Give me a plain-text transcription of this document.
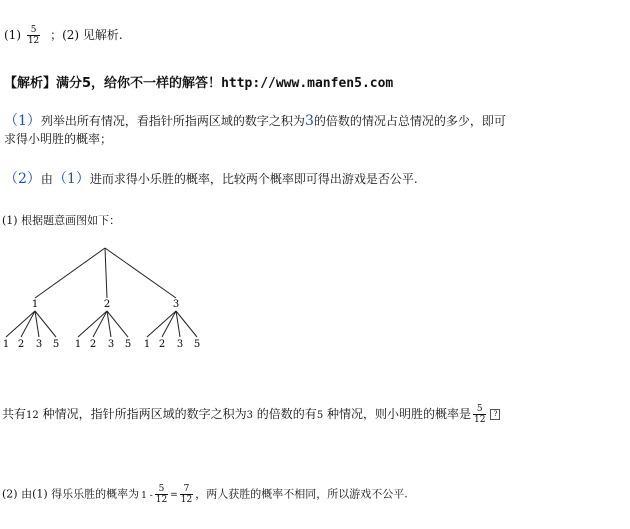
$(1) \frac{5}{12}$ ；(2) 见解析.
【解析】满分5，给你不一样的解答！http://www.manfen5.com
（1）列举出所有情况，看指针所指两区域的数字之积为3的倍数的情况占总情况的多少，即可
求得小明胜的概率；
（2）由（1）进而求得小乐胜的概率，比较两个概率即可得出游戏是否公平.
(1) 根据题意画图如下：
1
1 2 3 5
2
1 2 3 5
3
1 2 3 5
共有12 种情况，指针所指两区域的数字之积为3 的倍数的有5 种情况，则小明胜的概率是 $\frac{5}{12}$ ?
(2) 由(1) 得乐乐胜的概率为 $1 - \frac{5}{12} = \frac{7}{12}$ ，两人获胜的概率不相同，所以游戏不公平.
